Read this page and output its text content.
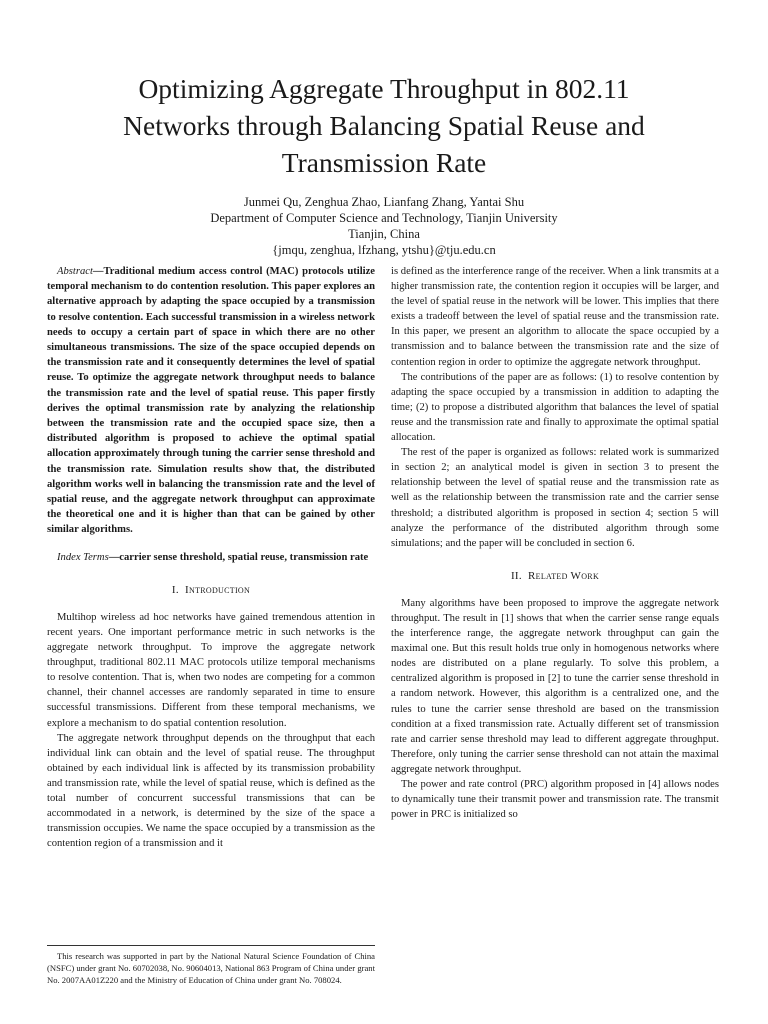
Optimizing Aggregate Throughput in 802.11
Networks through Balancing Spatial Reuse and
Transmission Rate
Junmei Qu, Zenghua Zhao, Lianfang Zhang, Yantai Shu
Department of Computer Science and Technology, Tianjin University
Tianjin, China
{jmqu, zenghua, lfzhang, ytshu}@tju.edu.cn

Abstract—Traditional medium access control (MAC) protocols utilize temporal mechanism to do contention resolution. This paper explores an alternative approach by adapting the space occupied by a transmission to resolve contention. Each successful transmission in a wireless network needs to occupy a certain part of space in which there are no other simultaneous transmissions. The size of the space occupied depends on the transmission rate and it consequently determines the level of spatial reuse. To optimize the aggregate network throughput needs to balance the transmission rate and the level of spatial reuse. This paper firstly derives the optimal transmission rate by analyzing the relationship between the transmission rate and the occupied space size, then a distributed algorithm is proposed to achieve the optimal spatial allocation approximately through tuning the carrier sense threshold and the transmission rate. Simulation results show that, the distributed algorithm works well in balancing the transmission rate and the level of spatial reuse, and the aggregate network throughput can approximate the theoretical one and it is higher than that can be gained by other similar algorithms.

Index Terms—carrier sense threshold, spatial reuse, transmission rate

I. Introduction

Multihop wireless ad hoc networks have gained tremendous attention in recent years. One important performance metric in such networks is the aggregate network throughput. To improve the aggregate network throughput, traditional 802.11 MAC protocols utilize temporal mechanisms to resolve contention. That is, when two nodes are competing for a common channel, their channel accesses are randomly separated in time to ensure successful transmissions. Different from these temporal mechanisms, we explore a mechanism to do spatial contention resolution.

The aggregate network throughput depends on the throughput that each individual link can obtain and the level of spatial reuse. The throughput obtained by each individual link is affected by its transmission probability and transmission rate, while the level of spatial reuse, which is defined as the total number of concurrent successful transmissions that can be accommodated in a network, is determined by the size of the space a transmission occupies. We name the space occupied by a transmission as the contention region of a transmission and it

is defined as the interference range of the receiver. When a link transmits at a higher transmission rate, the contention region it occupies will be larger, and the level of spatial reuse in the network will be lower. This implies that there exists a tradeoff between the level of spatial reuse and the transmission rate. In this paper, we present an algorithm to allocate the space occupied by a transmission and to balance between the transmission rate and the size of contention region in order to optimize the aggregate network throughput.

The contributions of the paper are as follows: (1) to resolve contention by adapting the space occupied by a transmission in addition to adapting the time; (2) to propose a distributed algorithm that balances the level of spatial reuse and the transmission rate and finally to approximate the optimal spatial allocation.

The rest of the paper is organized as follows: related work is summarized in section 2; an analytical model is given in section 3 to present the relationship between the level of spatial reuse and the transmission rate as well as the relationship between the transmission rate and the carrier sense threshold; a distributed algorithm is proposed in section 4; section 5 will analyze the performance of the distributed algorithm through some simulations; and the paper will be concluded in section 6.

II. Related Work

Many algorithms have been proposed to improve the aggregate network throughput. The result in [1] shows that when the carrier sense range equals the interference range, the aggregate network throughput can gain the maximal one. But this result holds true only in homogenous networks where nodes are distributed on a plane regularly. To solve this problem, a centralized algorithm is proposed in [2] to tune the carrier sense threshold in a random network. However, this algorithm is a centralized one, and the rules to tune the carrier sense threshold are based on the transmission condition at a fixed transmission rate. Actually different set of transmission rate and carrier sense threshold may lead to different aggregate throughput. Therefore, only tuning the carrier sense threshold can not attain the maximal aggregate network throughput.

The power and rate control (PRC) algorithm proposed in [4] allows nodes to dynamically tune their transmit power and transmission rate. The transmit power in PRC is initialized so

This research was supported in part by the National Natural Science Foundation of China (NSFC) under grant No. 60702038, No. 90604013, National 863 Program of China under grant No. 2007AA01Z220 and the Ministry of Education of China under grant No. 708024.
